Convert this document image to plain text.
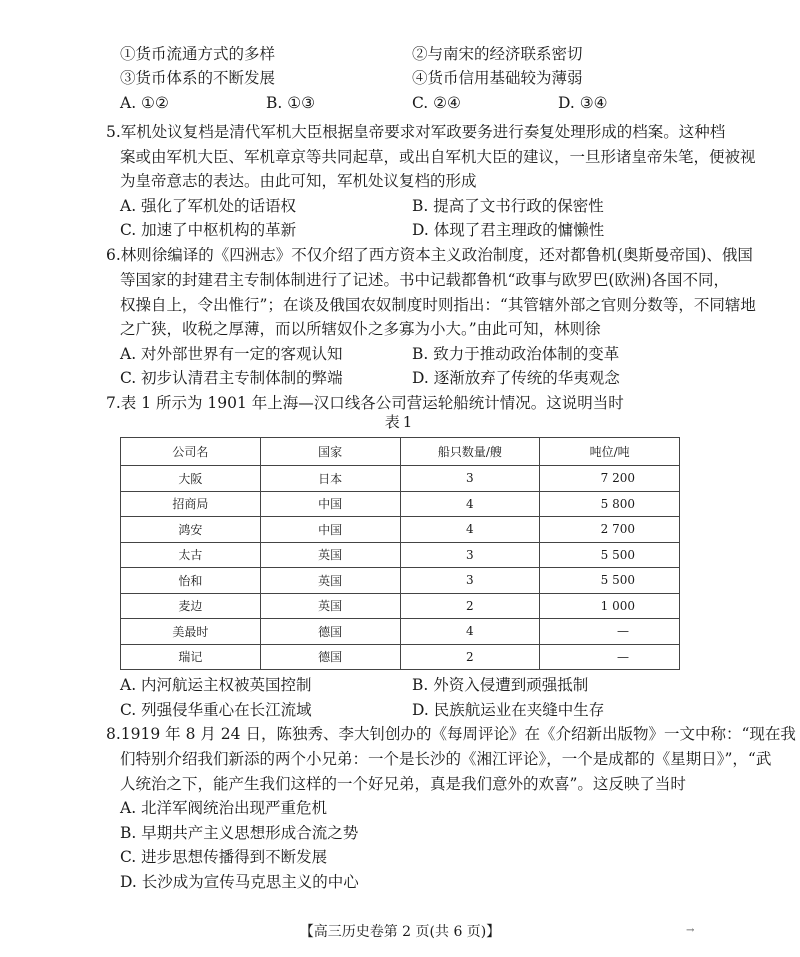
①货币流通方式的多样	②与南宋的经济联系密切
③货币体系的不断发展	④货币信用基础较为薄弱
A. ①②	B. ①③	C. ②④	D. ③④
5.军机处议复档是清代军机大臣根据皇帝要求对军政要务进行奏复处理形成的档案。这种档
案或由军机大臣、军机章京等共同起草，或出自军机大臣的建议，一旦形诸皇帝朱笔，便被视
为皇帝意志的表达。由此可知，军机处议复档的形成
A. 强化了军机处的话语权	B. 提高了文书行政的保密性
C. 加速了中枢机构的革新	D. 体现了君主理政的慵懒性
6.林则徐编译的《四洲志》不仅介绍了西方资本主义政治制度，还对都鲁机(奥斯曼帝国)、俄国
等国家的封建君主专制体制进行了记述。书中记载都鲁机“政事与欧罗巴(欧洲)各国不同，
权操自上，令出惟行”；在谈及俄国农奴制度时则指出：“其管辖外部之官则分数等，不同辖地
之广狭，收税之厚薄，而以所辖奴仆之多寡为小大。”由此可知，林则徐
A. 对外部世界有一定的客观认知	B. 致力于推动政治体制的变革
C. 初步认清君主专制体制的弊端	D. 逐渐放弃了传统的华夷观念
7.表 1 所示为 1901 年上海—汉口线各公司营运轮船统计情况。这说明当时
表1
公司名	国家	船只数量/艘	吨位/吨
大阪	日本	3	7 200
招商局	中国	4	5 800
鸿安	中国	4	2 700
太古	英国	3	5 500
怡和	英国	3	5 500
麦边	英国	2	1 000
美最时	德国	4	—
瑞记	德国	2	—
A. 内河航运主权被英国控制	B. 外资入侵遭到顽强抵制
C. 列强侵华重心在长江流域	D. 民族航运业在夹缝中生存
8.1919 年 8 月 24 日，陈独秀、李大钊创办的《每周评论》在《介绍新出版物》一文中称：“现在我
们特别介绍我们新添的两个小兄弟：一个是长沙的《湘江评论》，一个是成都的《星期日》”，“武
人统治之下，能产生我们这样的一个好兄弟，真是我们意外的欢喜”。这反映了当时
A. 北洋军阀统治出现严重危机
B. 早期共产主义思想形成合流之势
C. 进步思想传播得到不断发展
D. 长沙成为宣传马克思主义的中心
【高三历史卷第 2 页(共 6 页)】	→
